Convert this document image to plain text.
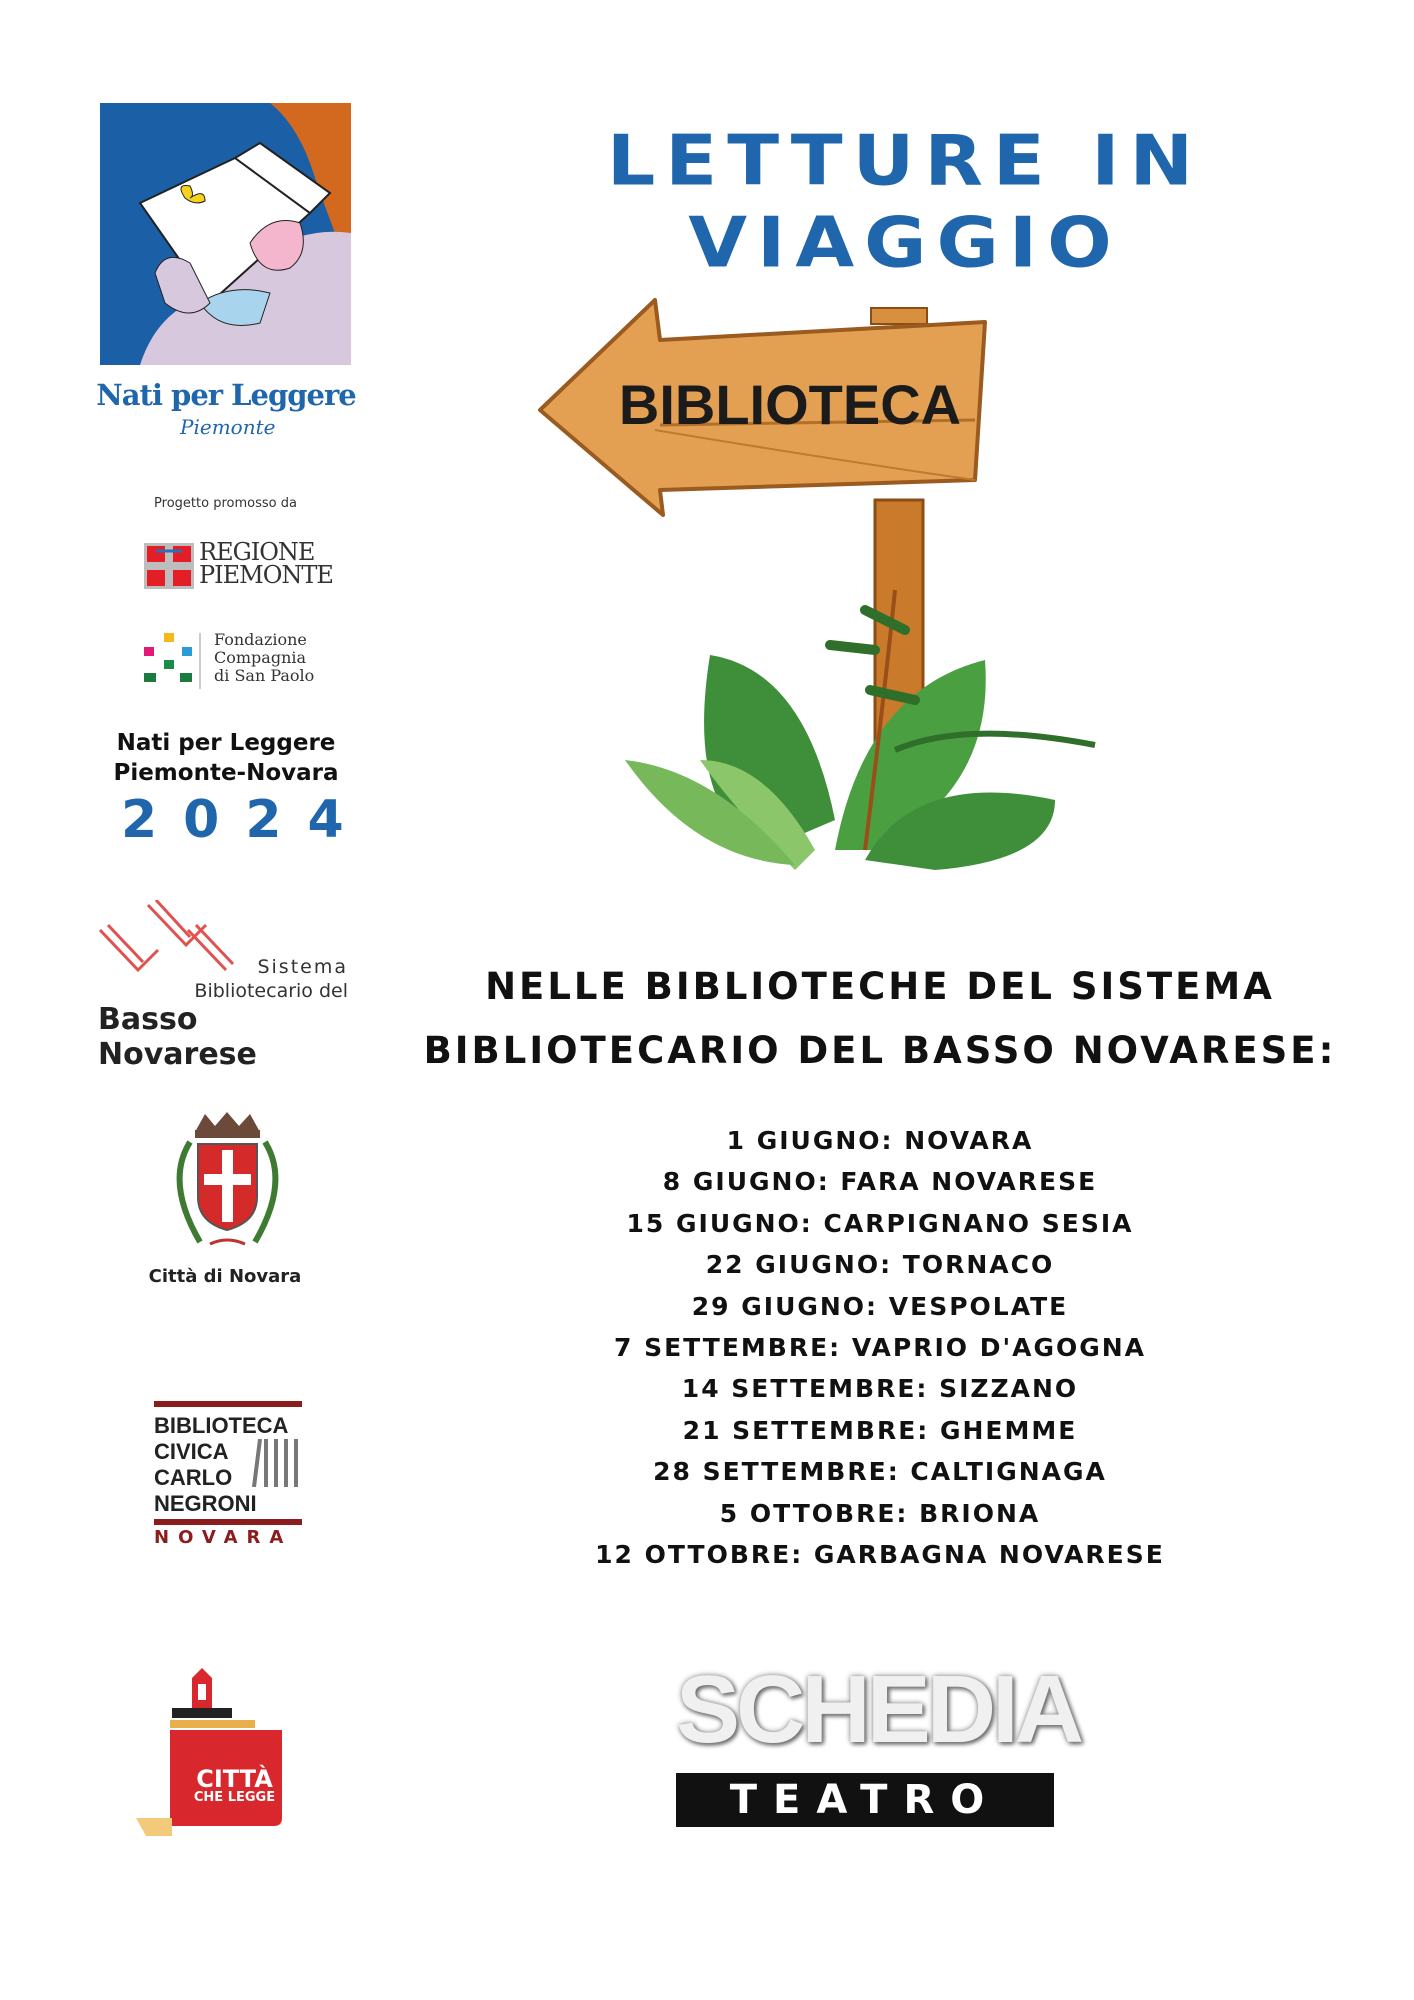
LETTURE IN VIAGGIO
Nati per Leggere
Piemonte
Progetto promosso da
REGIONE
PIEMONTE
Fondazione
Compagnia
di San Paolo
Nati per Leggere
Piemonte-Novara
2024
Sistema
Bibliotecario del
Basso Novarese
Città di Novara
BIBLIOTECA
CIVICA
CARLO
NEGRONI
NOVARA
CITTÀ
CHE LEGGE
BIBLIOTECA
NELLE BIBLIOTECHE DEL SISTEMA
BIBLIOTECARIO DEL BASSO NOVARESE:
1 GIUGNO: NOVARA
8 GIUGNO: FARA NOVARESE
15 GIUGNO: CARPIGNANO SESIA
22 GIUGNO: TORNACO
29 GIUGNO: VESPOLATE
7 SETTEMBRE: VAPRIO D'AGOGNA
14 SETTEMBRE: SIZZANO
21 SETTEMBRE: GHEMME
28 SETTEMBRE: CALTIGNAGA
5 OTTOBRE: BRIONA
12 OTTOBRE: GARBAGNA NOVARESE
SCHEDIA
TEATRO
